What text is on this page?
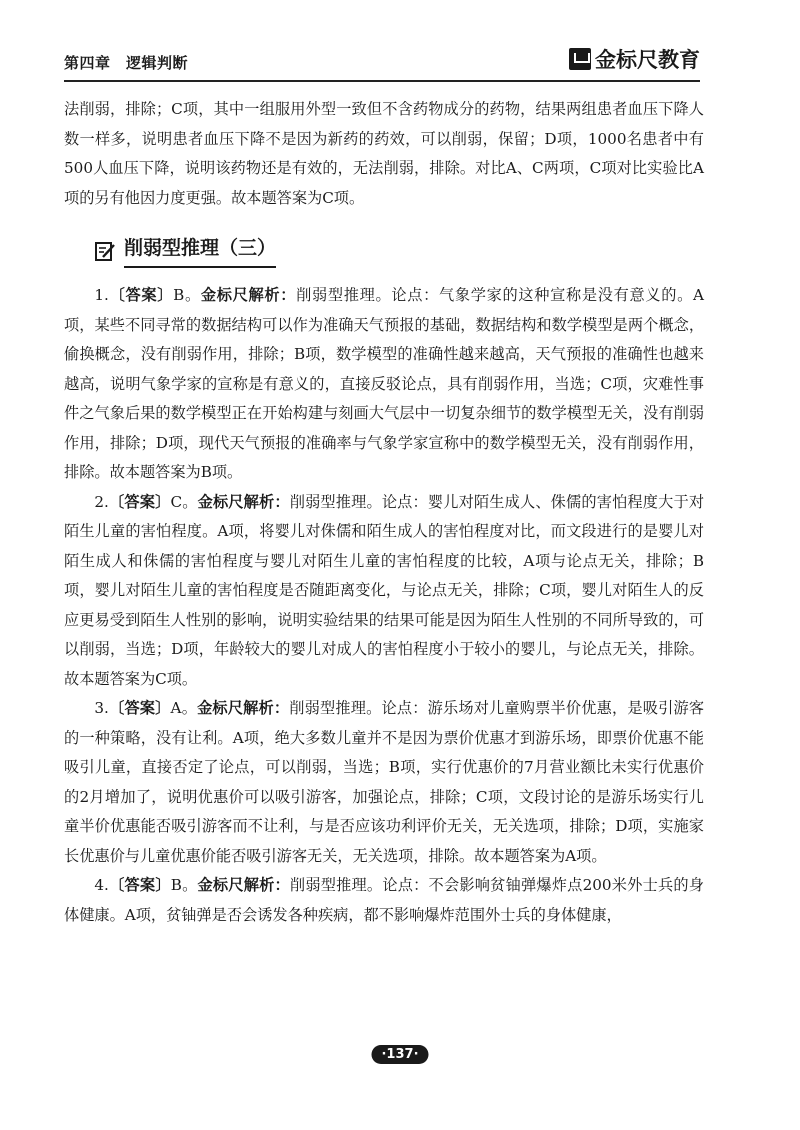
第四章　逻辑判断	金标尺教育

法削弱，排除；C项，其中一组服用外型一致但不含药物成分的药物，结果两组患者血压下降人数一样多，说明患者血压下降不是因为新药的药效，可以削弱，保留；D项，1000名患者中有500人血压下降，说明该药物还是有效的，无法削弱，排除。对比A、C两项，C项对比实验比A项的另有他因力度更强。故本题答案为C项。

削弱型推理（三）

1.〔答案〕B。金标尺解析：削弱型推理。论点：气象学家的这种宣称是没有意义的。A项，某些不同寻常的数据结构可以作为准确天气预报的基础，数据结构和数学模型是两个概念，偷换概念，没有削弱作用，排除；B项，数学模型的准确性越来越高，天气预报的准确性也越来越高，说明气象学家的宣称是有意义的，直接反驳论点，具有削弱作用，当选；C项，灾难性事件之气象后果的数学模型正在开始构建与刻画大气层中一切复杂细节的数学模型无关，没有削弱作用，排除；D项，现代天气预报的准确率与气象学家宣称中的数学模型无关，没有削弱作用，排除。故本题答案为B项。

2.〔答案〕C。金标尺解析：削弱型推理。论点：婴儿对陌生成人、侏儒的害怕程度大于对陌生儿童的害怕程度。A项，将婴儿对侏儒和陌生成人的害怕程度对比，而文段进行的是婴儿对陌生成人和侏儒的害怕程度与婴儿对陌生儿童的害怕程度的比较，A项与论点无关，排除；B项，婴儿对陌生儿童的害怕程度是否随距离变化，与论点无关，排除；C项，婴儿对陌生人的反应更易受到陌生人性别的影响，说明实验结果的结果可能是因为陌生人性别的不同所导致的，可以削弱，当选；D项，年龄较大的婴儿对成人的害怕程度小于较小的婴儿，与论点无关，排除。故本题答案为C项。

3.〔答案〕A。金标尺解析：削弱型推理。论点：游乐场对儿童购票半价优惠，是吸引游客的一种策略，没有让利。A项，绝大多数儿童并不是因为票价优惠才到游乐场，即票价优惠不能吸引儿童，直接否定了论点，可以削弱，当选；B项，实行优惠价的7月营业额比未实行优惠价的2月增加了，说明优惠价可以吸引游客，加强论点，排除；C项，文段讨论的是游乐场实行儿童半价优惠能否吸引游客而不让利，与是否应该功利评价无关，无关选项，排除；D项，实施家长优惠价与儿童优惠价能否吸引游客无关，无关选项，排除。故本题答案为A项。

4.〔答案〕B。金标尺解析：削弱型推理。论点：不会影响贫铀弹爆炸点200米外士兵的身体健康。A项，贫铀弹是否会诱发各种疾病，都不影响爆炸范围外士兵的身体健康，

·137·
